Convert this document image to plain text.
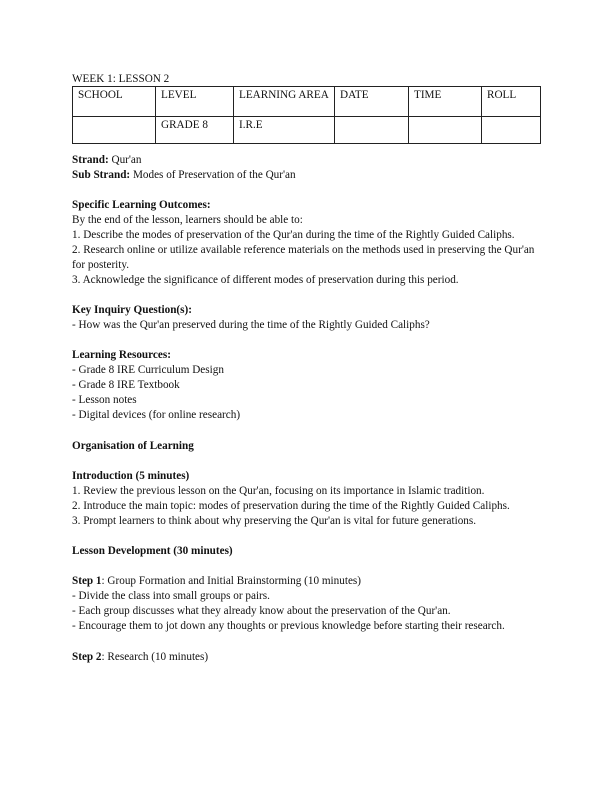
WEEK 1: LESSON 2
SCHOOL	LEVEL	LEARNING AREA	DATE	TIME	ROLL
	GRADE 8	I.R.E			
Strand: Qur'an
Sub Strand: Modes of Preservation of the Qur'an
Specific Learning Outcomes:
By the end of the lesson, learners should be able to:
1. Describe the modes of preservation of the Qur'an during the time of the Rightly Guided Caliphs.
2. Research online or utilize available reference materials on the methods used in preserving the Qur'an for posterity.
3. Acknowledge the significance of different modes of preservation during this period.
Key Inquiry Question(s):
- How was the Qur'an preserved during the time of the Rightly Guided Caliphs?
Learning Resources:
- Grade 8 IRE Curriculum Design
- Grade 8 IRE Textbook
- Lesson notes
- Digital devices (for online research)
Organisation of Learning
Introduction (5 minutes)
1. Review the previous lesson on the Qur'an, focusing on its importance in Islamic tradition.
2. Introduce the main topic: modes of preservation during the time of the Rightly Guided Caliphs.
3. Prompt learners to think about why preserving the Qur'an is vital for future generations.
Lesson Development (30 minutes)
Step 1: Group Formation and Initial Brainstorming (10 minutes)
- Divide the class into small groups or pairs.
- Each group discusses what they already know about the preservation of the Qur'an.
- Encourage them to jot down any thoughts or previous knowledge before starting their research.
Step 2: Research (10 minutes)
